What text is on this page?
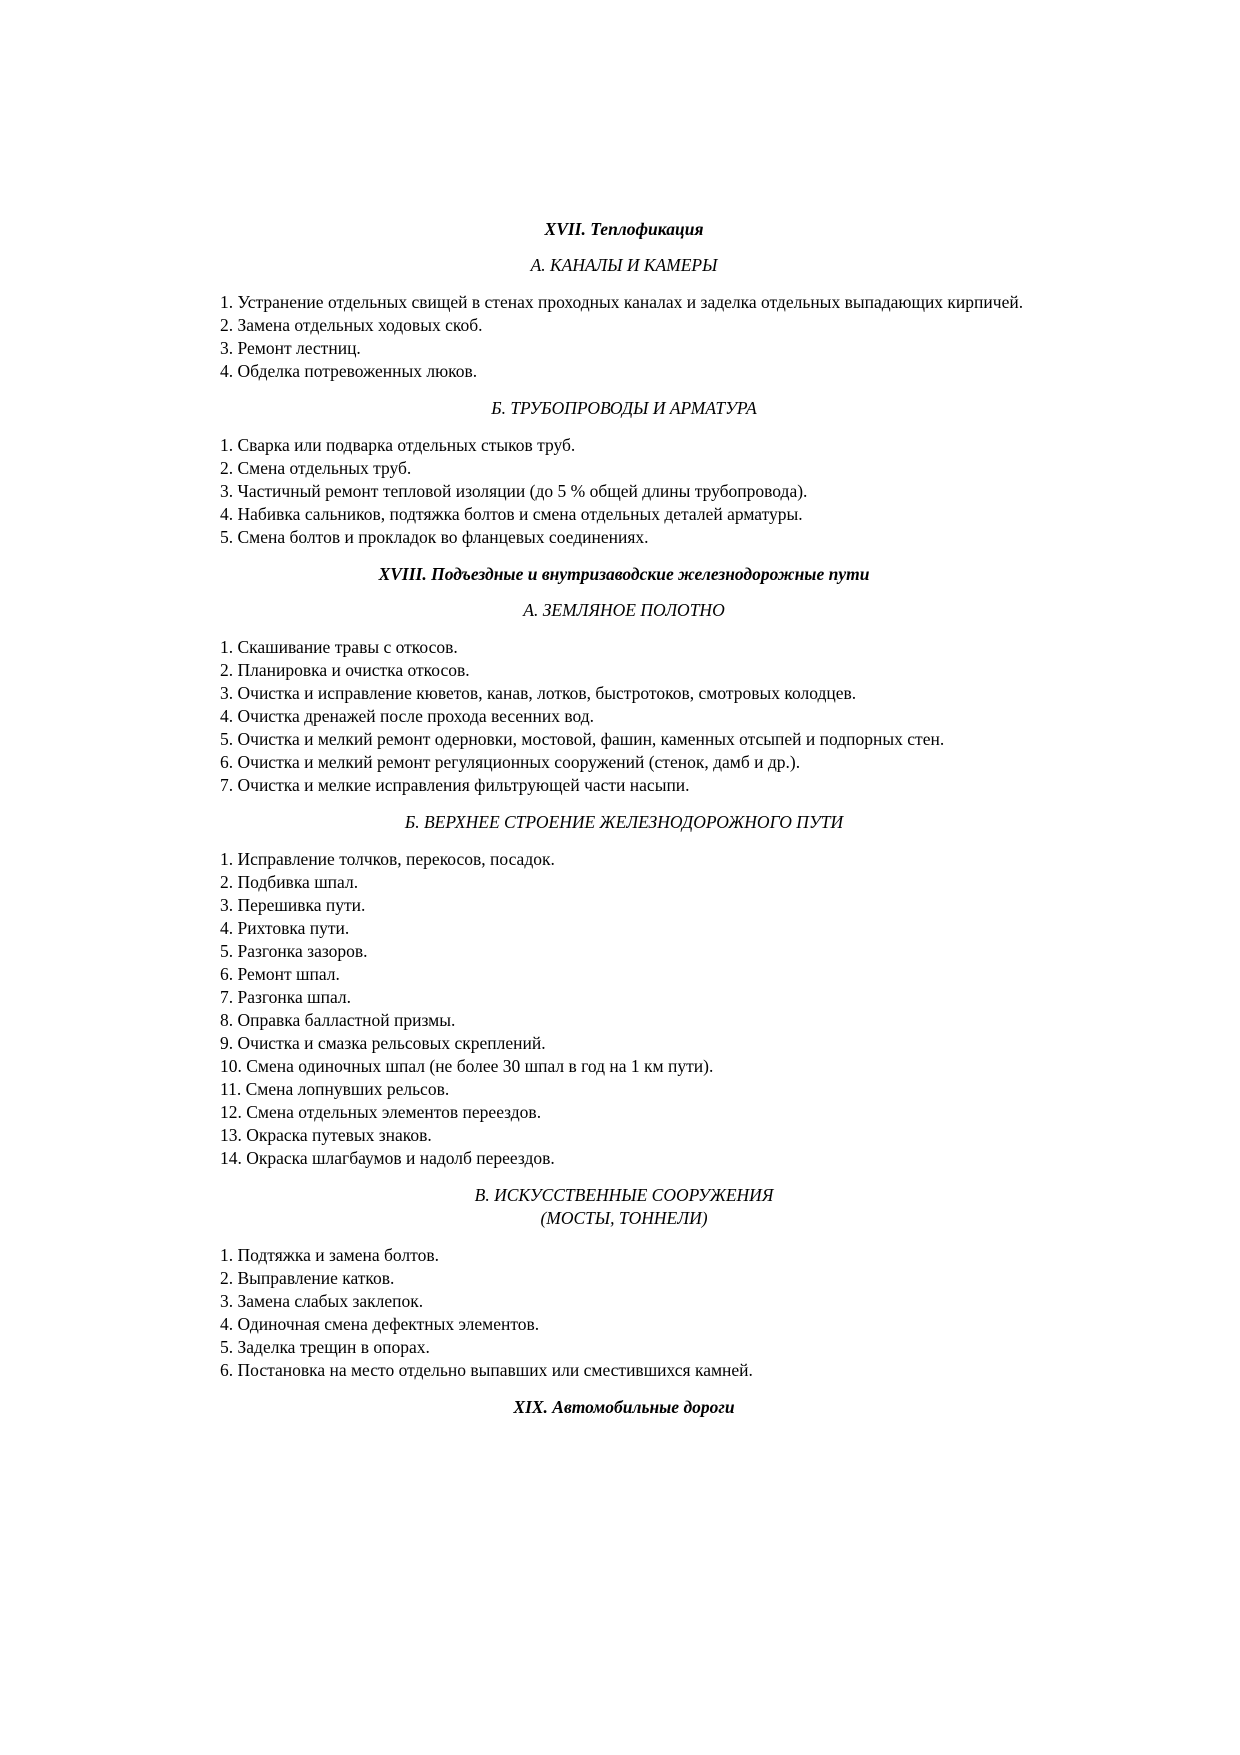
XVII. Теплофикация

А. КАНАЛЫ И КАМЕРЫ

1. Устранение отдельных свищей в стенах проходных каналах и заделка отдельных выпадающих кирпичей.
2. Замена отдельных ходовых скоб.
3. Ремонт лестниц.
4. Обделка потревоженных люков.

Б. ТРУБОПРОВОДЫ И АРМАТУРА

1. Сварка или подварка отдельных стыков труб.
2. Смена отдельных труб.
3. Частичный ремонт тепловой изоляции (до 5 % общей длины трубопровода).
4. Набивка сальников, подтяжка болтов и смена отдельных деталей арматуры.
5. Смена болтов и прокладок во фланцевых соединениях.

XVIII. Подъездные и внутризаводские железнодорожные пути

А. ЗЕМЛЯНОЕ ПОЛОТНО

1. Скашивание травы с откосов.
2. Планировка и очистка откосов.
3. Очистка и исправление кюветов, канав, лотков, быстротоков, смотровых колодцев.
4. Очистка дренажей после прохода весенних вод.
5. Очистка и мелкий ремонт одерновки, мостовой, фашин, каменных отсыпей и подпорных стен.
6. Очистка и мелкий ремонт регуляционных сооружений (стенок, дамб и др.).
7. Очистка и мелкие исправления фильтрующей части насыпи.

Б. ВЕРХНЕЕ СТРОЕНИЕ ЖЕЛЕЗНОДОРОЖНОГО ПУТИ

1. Исправление толчков, перекосов, посадок.
2. Подбивка шпал.
3. Перешивка пути.
4. Рихтовка пути.
5. Разгонка зазоров.
6. Ремонт шпал.
7. Разгонка шпал.
8. Оправка балластной призмы.
9. Очистка и смазка рельсовых скреплений.
10. Смена одиночных шпал (не более 30 шпал в год на 1 км пути).
11. Смена лопнувших рельсов.
12. Смена отдельных элементов переездов.
13. Окраска путевых знаков.
14. Окраска шлагбаумов и надолб переездов.

В. ИСКУССТВЕННЫЕ СООРУЖЕНИЯ

(МОСТЫ, ТОННЕЛИ)

1. Подтяжка и замена болтов.
2. Выправление катков.
3. Замена слабых заклепок.
4. Одиночная смена дефектных элементов.
5. Заделка трещин в опорах.
6. Постановка на место отдельно выпавших или сместившихся камней.

XIX. Автомобильные дороги
